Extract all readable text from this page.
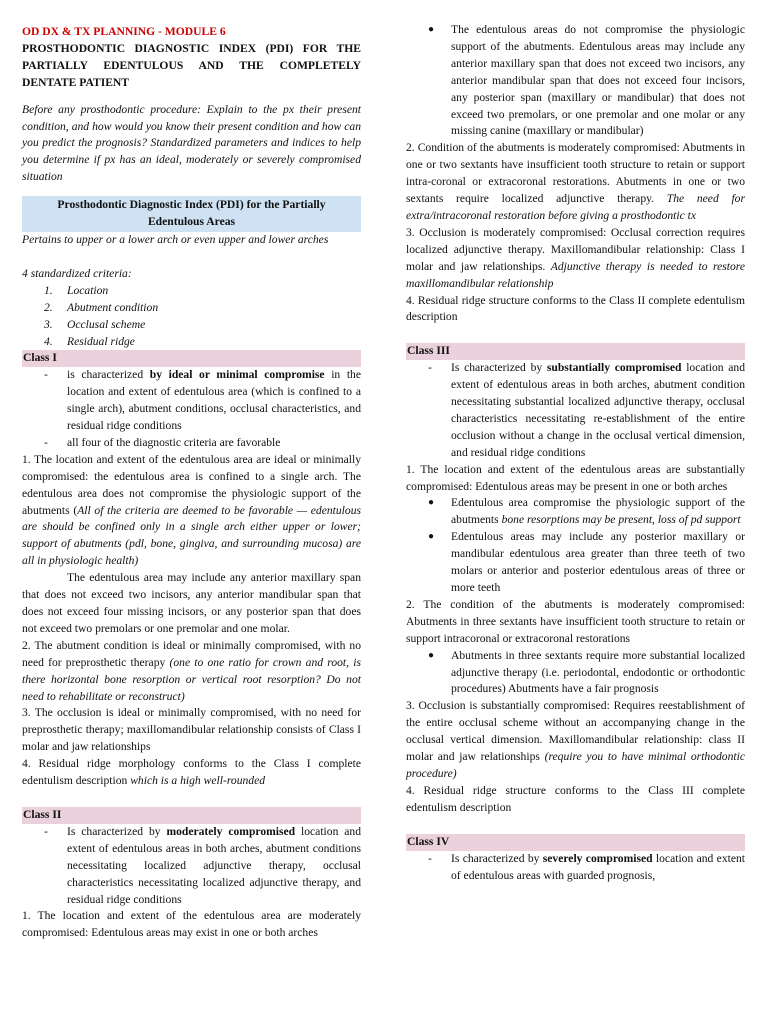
OD DX & TX PLANNING - MODULE 6

PROSTHODONTIC DIAGNOSTIC INDEX (PDI) FOR THE PARTIALLY EDENTULOUS AND THE COMPLETELY DENTATE PATIENT

Before any prosthodontic procedure: Explain to the px their present condition, and how would you know their present condition and how can you predict the prognosis? Standardized parameters and indices to help you determine if px has an ideal, moderately or severely compromised situation

Prosthodontic Diagnostic Index (PDI) for the Partially Edentulous Areas

Pertains to upper or a lower arch or even upper and lower arches

4 standardized criteria:

1. Location
2. Abutment condition
3. Occlusal scheme
4. Residual ridge

Class I

- is characterized by ideal or minimal compromise in the location and extent of edentulous area (which is confined to a single arch), abutment conditions, occlusal characteristics, and residual ridge conditions
- all four of the diagnostic criteria are favorable

1. The location and extent of the edentulous area are ideal or minimally compromised: the edentulous area is confined to a single arch. The edentulous area does not compromise the physiologic support of the abutments (All of the criteria are deemed to be favorable — edentulous are should be confined only in a single arch either upper or lower; support of abutments (pdl, bone, gingiva, and surrounding mucosa) are all in physiologic health)

The edentulous area may include any anterior maxillary span that does not exceed two incisors, any anterior mandibular span that does not exceed four missing incisors, or any posterior span that does not exceed two premolars or one premolar and one molar.

2. The abutment condition is ideal or minimally compromised, with no need for preprosthetic therapy (one to one ratio for crown and root, is there horizontal bone resorption or vertical root resorption? Do not need to rehabilitate or reconstruct)

3. The occlusion is ideal or minimally compromised, with no need for preprosthetic therapy; maxillomandibular relationship consists of Class I molar and jaw relationships

4. Residual ridge morphology conforms to the Class I complete edentulism description which is a high well-rounded

Class II

- Is characterized by moderately compromised location and extent of edentulous areas in both arches, abutment conditions necessitating localized adjunctive therapy, occlusal characteristics necessitating localized adjunctive therapy, and residual ridge conditions

1. The location and extent of the edentulous area are moderately compromised: Edentulous areas may exist in one or both arches

● The edentulous areas do not compromise the physiologic support of the abutments. Edentulous areas may include any anterior maxillary span that does not exceed two incisors, any anterior mandibular span that does not exceed four incisors, any posterior span (maxillary or mandibular) that does not exceed two premolars, or one premolar and one molar or any missing canine (maxillary or mandibular)

2. Condition of the abutments is moderately compromised: Abutments in one or two sextants have insufficient tooth structure to retain or support intra-coronal or extracoronal restorations. Abutments in one or two sextants require localized adjunctive therapy. The need for extra/intracoronal restoration before giving a prosthodontic tx

3. Occlusion is moderately compromised: Occlusal correction requires localized adjunctive therapy. Maxillomandibular relationship: Class I molar and jaw relationships. Adjunctive therapy is needed to restore maxillomandibular relationship

4. Residual ridge structure conforms to the Class II complete edentulism description

Class III

- Is characterized by substantially compromised location and extent of edentulous areas in both arches, abutment condition necessitating substantial localized adjunctive therapy, occlusal characteristics necessitating re-establishment of the entire occlusion without a change in the occlusal vertical dimension, and residual ridge conditions

1. The location and extent of the edentulous areas are substantially compromised: Edentulous areas may be present in one or both arches

● Edentulous area compromise the physiologic support of the abutments bone resorptions may be present, loss of pd support
● Edentulous areas may include any posterior maxillary or mandibular edentulous area greater than three teeth of two molars or anterior and posterior edentulous areas of three or more teeth

2. The condition of the abutments is moderately compromised: Abutments in three sextants have insufficient tooth structure to retain or support intracoronal or extracoronal restorations

● Abutments in three sextants require more substantial localized adjunctive therapy (i.e. periodontal, endodontic or orthodontic procedures) Abutments have a fair prognosis

3. Occlusion is substantially compromised: Requires reestablishment of the entire occlusal scheme without an accompanying change in the occlusal vertical dimension. Maxillomandibular relationship: class II molar and jaw relationships (require you to have minimal orthodontic procedure)

4. Residual ridge structure conforms to the Class III complete edentulism description

Class IV

- Is characterized by severely compromised location and extent of edentulous areas with guarded prognosis,
